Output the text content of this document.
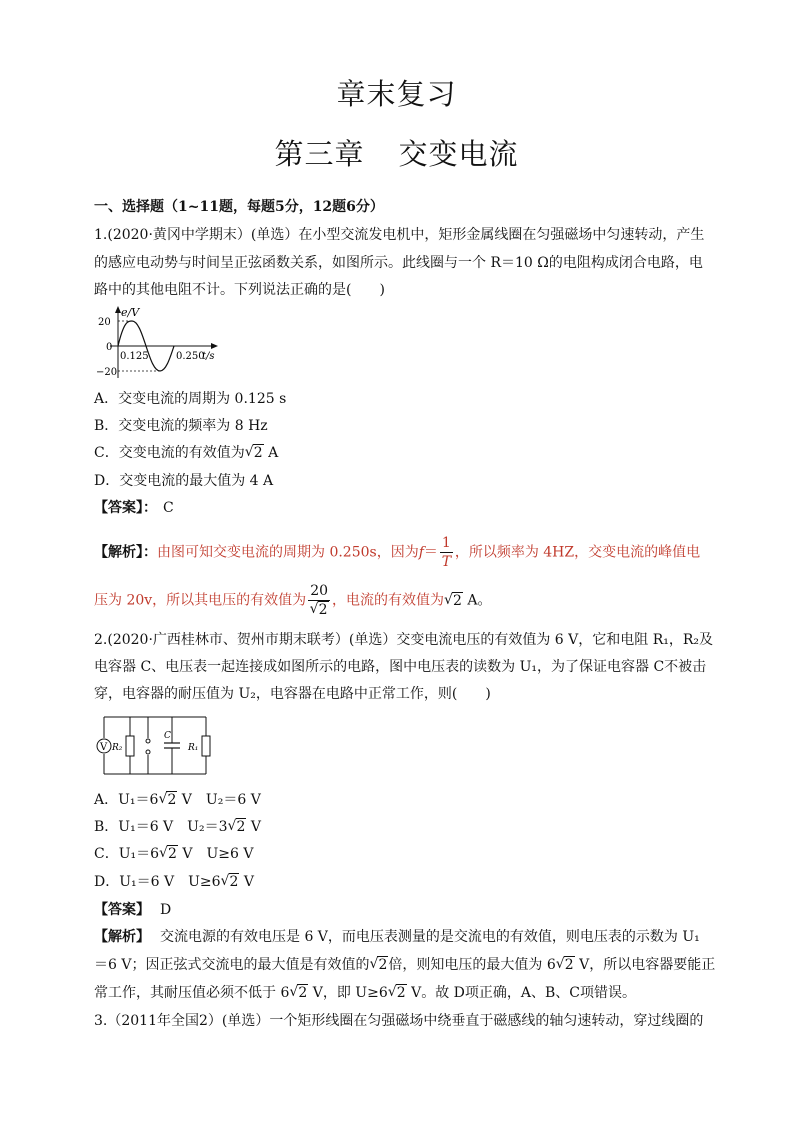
章末复习
第三章 交变电流
一、选择题（1~11题，每题5分，12题6分）
1.(2020·黄冈中学期末）(单选）在小型交流发电机中，矩形金属线圈在匀强磁场中匀速转动，产生
的感应电动势与时间呈正弦函数关系，如图所示。此线圈与一个 R＝10 Ω的电阻构成闭合电路，电
路中的其他电阻不计。下列说法正确的是(　　)
e/V
20
0
−20
0.125	0.250
t/s
A．交变电流的周期为 0.125 s
B．交变电流的频率为 8 Hz
C．交变电流的有效值为 √ 2 A
D．交变电流的最大值为 4 A
【答案】： C
【解析】：由图可知交变电流的周期为 0.250s，因为$f= \frac{1}{T}$ ，所以频率为 4HZ，交变电流的峰值电
压为 20v，所以其电压的有效值为 20
√ 2 ，电流的有效值为 √ 2 A。
2.(2020·广西桂林市、贺州市期末联考）(单选）交变电流电压的有效值为 6 V，它和电阻 R₁，R₂及
电容器 C、电压表一起连接成如图所示的电路，图中电压表的读数为 U₁，为了保证电容器 C不被击
穿，电容器的耐压值为 U₂，电容器在电路中正常工作，则(　　)
V R₂
C
R₁
A．U₁＝6 √ 2 V　U₂＝6 V
B．U₁＝6 V　U₂＝3 √ 2 V
C．U₁＝6 √ 2 V　U≥6 V
D．U₁＝6 V　U≥6 √ 2 V
【答案】 D
【解析】 交流电源的有效电压是 6 V，而电压表测量的是交流电的有效值，则电压表的示数为 U₁
＝6 V；因正弦式交流电的最大值是有效值的 √ 2倍，则知电压的最大值为 6 √ 2 V，所以电容器要能正
常工作，其耐压值必须不低于 6 √ 2 V，即 U≥6 √ 2 V。故 D项正确，A、B、C项错误。
3.（2011年全国2）(单选）一个矩形线圈在匀强磁场中绕垂直于磁感线的轴匀速转动，穿过线圈的
